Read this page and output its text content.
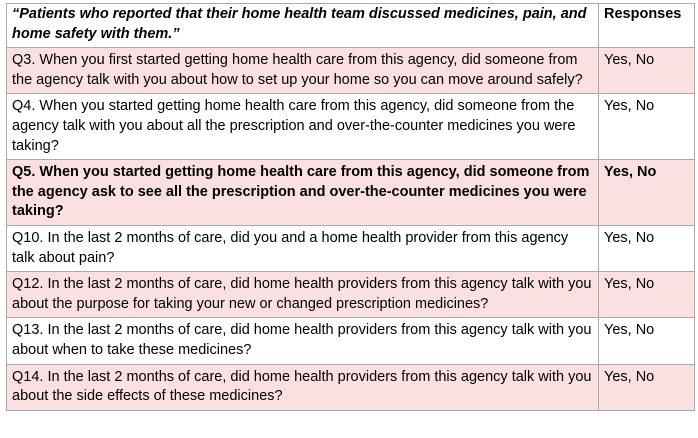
“Patients who reported that their home health team discussed medicines, pain, and home safety with them.”	Responses
Q3. When you first started getting home health care from this agency, did someone from the agency talk with you about how to set up your home so you can move around safely?	Yes, No
Q4. When you started getting home health care from this agency, did someone from the agency talk with you about all the prescription and over-the-counter medicines you were taking?	Yes, No
Q5. When you started getting home health care from this agency, did someone from the agency ask to see all the prescription and over-the-counter medicines you were taking?	Yes, No
Q10. In the last 2 months of care, did you and a home health provider from this agency talk about pain?	Yes, No
Q12. In the last 2 months of care, did home health providers from this agency talk with you about the purpose for taking your new or changed prescription medicines?	Yes, No
Q13. In the last 2 months of care, did home health providers from this agency talk with you about when to take these medicines?	Yes, No
Q14. In the last 2 months of care, did home health providers from this agency talk with you about the side effects of these medicines?	Yes, No
